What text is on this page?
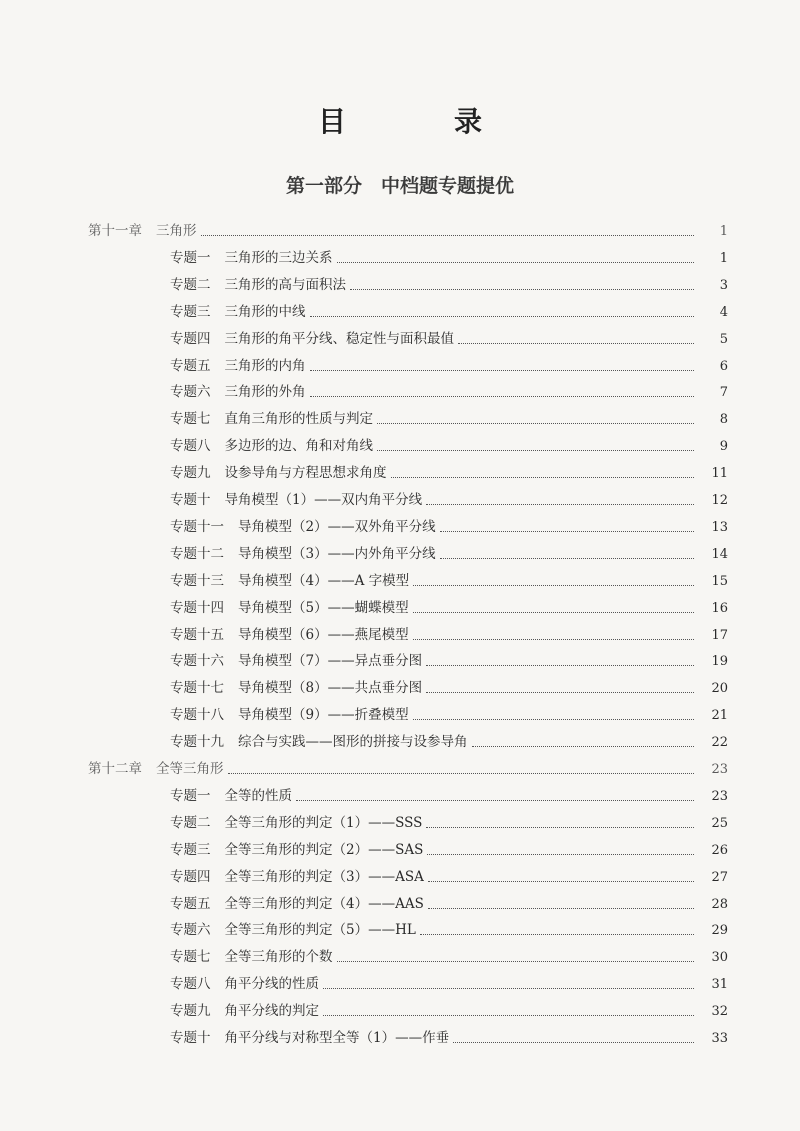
目　录
第一部分　中档题专题提优
第十一章 三角形	1
专题一 三角形的三边关系	1
专题二 三角形的高与面积法	3
专题三 三角形的中线	4
专题四 三角形的角平分线、稳定性与面积最值	5
专题五 三角形的内角	6
专题六 三角形的外角	7
专题七 直角三角形的性质与判定	8
专题八 多边形的边、角和对角线	9
专题九 设参导角与方程思想求角度	11
专题十 导角模型（1）——双内角平分线	12
专题十一 导角模型（2）——双外角平分线	13
专题十二 导角模型（3）——内外角平分线	14
专题十三 导角模型（4）——A 字模型	15
专题十四 导角模型（5）——蝴蝶模型	16
专题十五 导角模型（6）——燕尾模型	17
专题十六 导角模型（7）——异点垂分图	19
专题十七 导角模型（8）——共点垂分图	20
专题十八 导角模型（9）——折叠模型	21
专题十九 综合与实践——图形的拼接与设参导角	22
第十二章 全等三角形	23
专题一 全等的性质	23
专题二 全等三角形的判定（1）——SSS	25
专题三 全等三角形的判定（2）——SAS	26
专题四 全等三角形的判定（3）——ASA	27
专题五 全等三角形的判定（4）——AAS	28
专题六 全等三角形的判定（5）——HL	29
专题七 全等三角形的个数	30
专题八 角平分线的性质	31
专题九 角平分线的判定	32
专题十 角平分线与对称型全等（1）——作垂	33
